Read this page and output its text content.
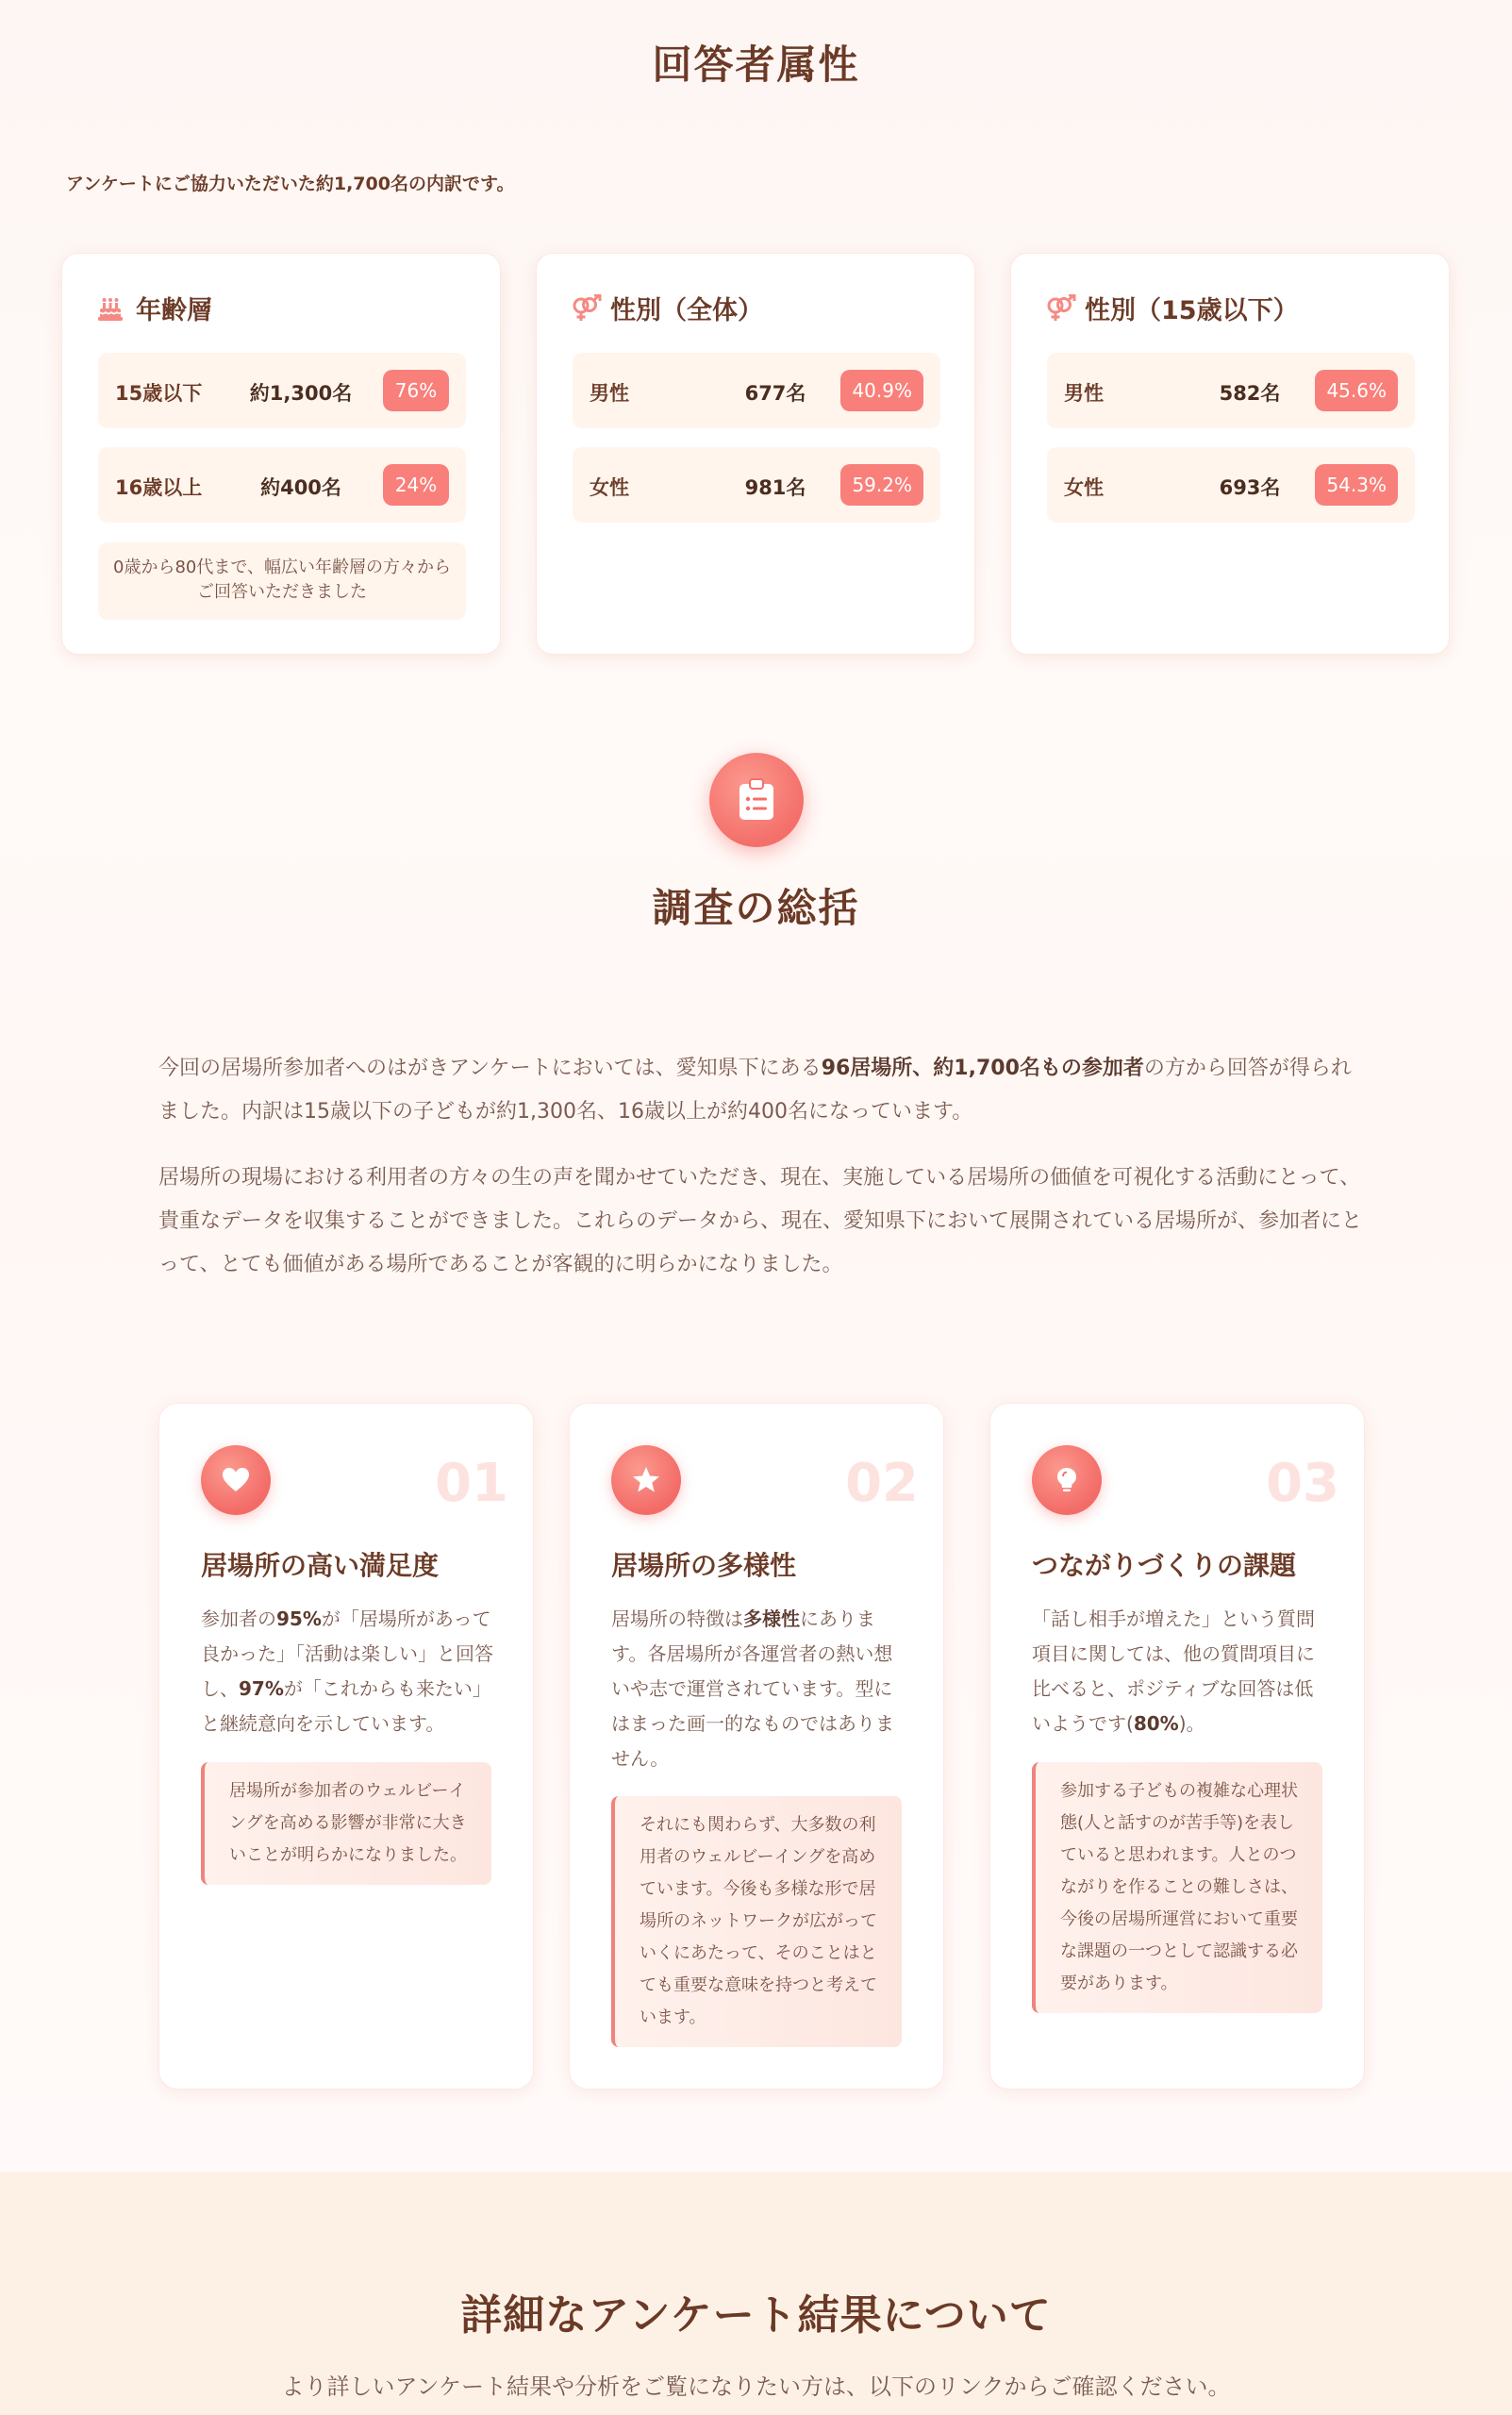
回答者属性

アンケートにご協力いただいた約1,700名の内訳です。

年齢層
15歳以下	約1,300名	76%
16歳以上	約400名	24%
0歳から80代まで、幅広い年齢層の方々から
ご回答いただきました
性別（全体）
男性	677名	40.9%
女性	981名	59.2%
性別（15歳以下）
男性	582名	45.6%
女性	693名	54.3%
調査の総括

今回の居場所参加者へのはがきアンケートにおいては、愛知県下にある96居場所、約1,700名もの参加者の方から回答が得られました。内訳は15歳以下の子どもが約1,300名、16歳以上が約400名になっています。

居場所の現場における利用者の方々の生の声を聞かせていただき、現在、実施している居場所の価値を可視化する活動にとって、貴重なデータを収集することができました。これらのデータから、現在、愛知県下において展開されている居場所が、参加者にとって、とても価値がある場所であることが客観的に明らかになりました。

01
居場所の高い満足度

参加者の95%が「居場所があって良かった」「活動は楽しい」と回答し、97%が「これからも来たい」と継続意向を示しています。

居場所が参加者のウェルビーイングを高める影響が非常に大きいことが明らかになりました。
02
居場所の多様性

居場所の特徴は多様性にあります。各居場所が各運営者の熱い想いや志で運営されています。型にはまった画一的なものではありません。

それにも関わらず、大多数の利用者のウェルビーイングを高めています。今後も多様な形で居場所のネットワークが広がっていくにあたって、そのことはとても重要な意味を持つと考えています。
03
つながりづくりの課題

「話し相手が増えた」という質問項目に関しては、他の質問項目に比べると、ポジティブな回答は低いようです(80%)。

参加する子どもの複雑な心理状態(人と話すのが苦手等)を表していると思われます。人とのつながりを作ることの難しさは、今後の居場所運営において重要な課題の一つとして認識する必要があります。
詳細なアンケート結果について

より詳しいアンケート結果や分析をご覧になりたい方は、以下のリンクからご確認ください。
